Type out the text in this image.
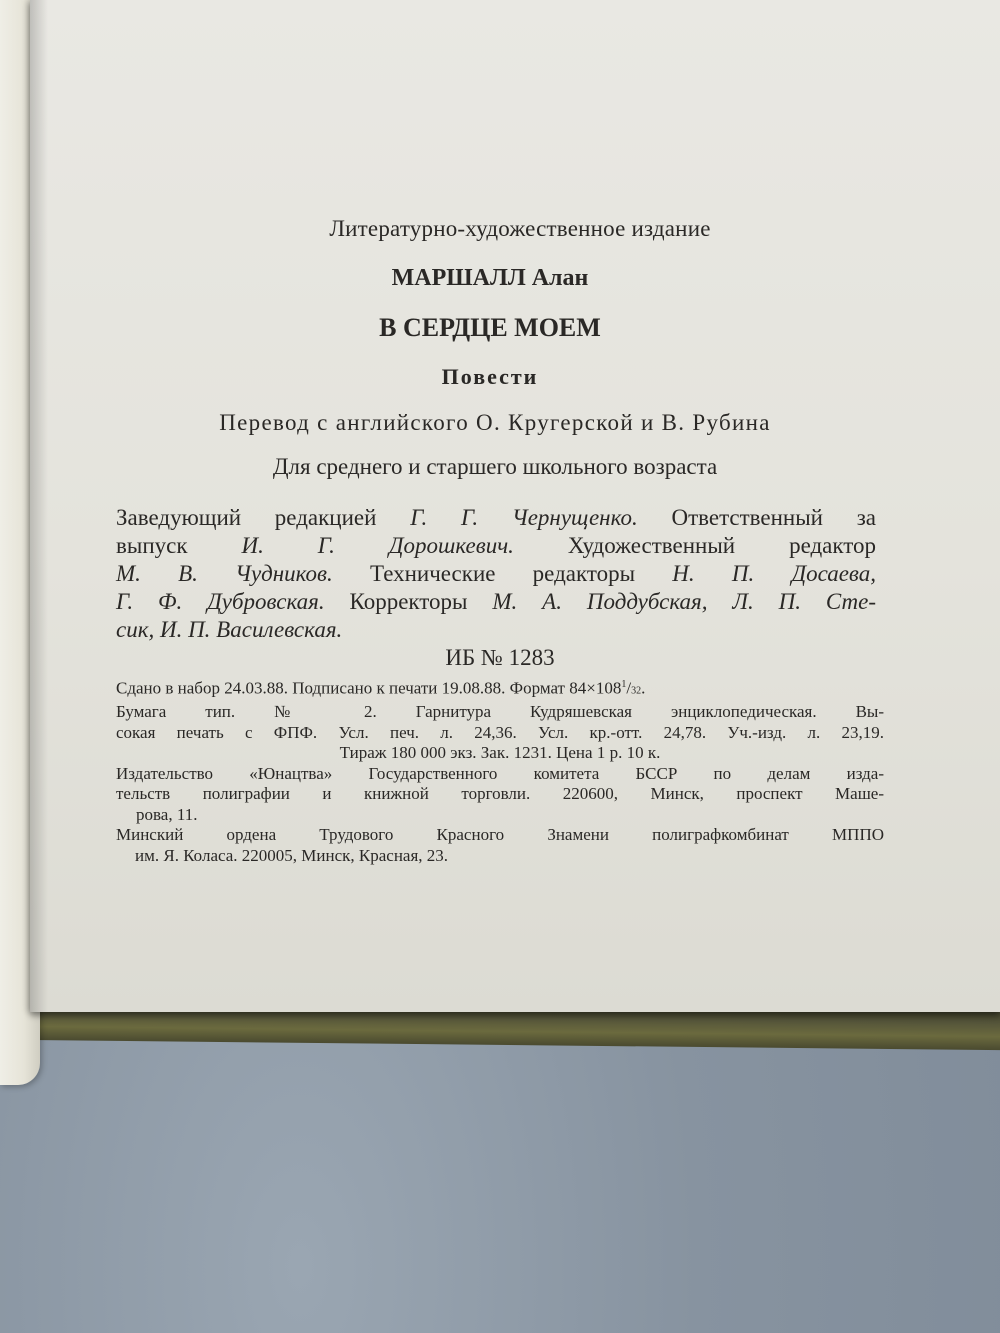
Литературно-художественное издание
МАРШАЛЛ Алан
В СЕРДЦЕ МОЕМ
Повести
Перевод с английского О. Кругерской и В. Рубина
Для среднего и старшего школьного возраста
Заведующий редакцией Г. Г. Чернущенко. Ответственный за
выпуск И. Г. Дорошкевич. Художественный редактор
М. В. Чудников. Технические редакторы Н. П. Досаева,
Г. Ф. Дубровская. Корректоры М. А. Поддубская, Л. П. Сте-
сик, И. П. Василевская.
ИБ № 1283
Сдано в набор 24.03.88. Подписано к печати 19.08.88. Формат $84\times 108^1/32$.
Бумага тип. № 2. Гарнитура Кудряшевская энциклопедическая. Вы-
сокая печать с ФПФ. Усл. печ. л. 24,36. Усл. кр.-отт. 24,78. Уч.-изд. л. 23,19.
Тираж 180 000 экз. Зак. 1231. Цена 1 р. 10 к.
Издательство «Юнацтва» Государственного комитета БССР по делам изда-
тельств полиграфии и книжной торговли. 220600, Минск, проспект Маше-
рова, 11.
Минский ордена Трудового Красного Знамени полиграфкомбинат МППО
им. Я. Коласа. 220005, Минск, Красная, 23.
